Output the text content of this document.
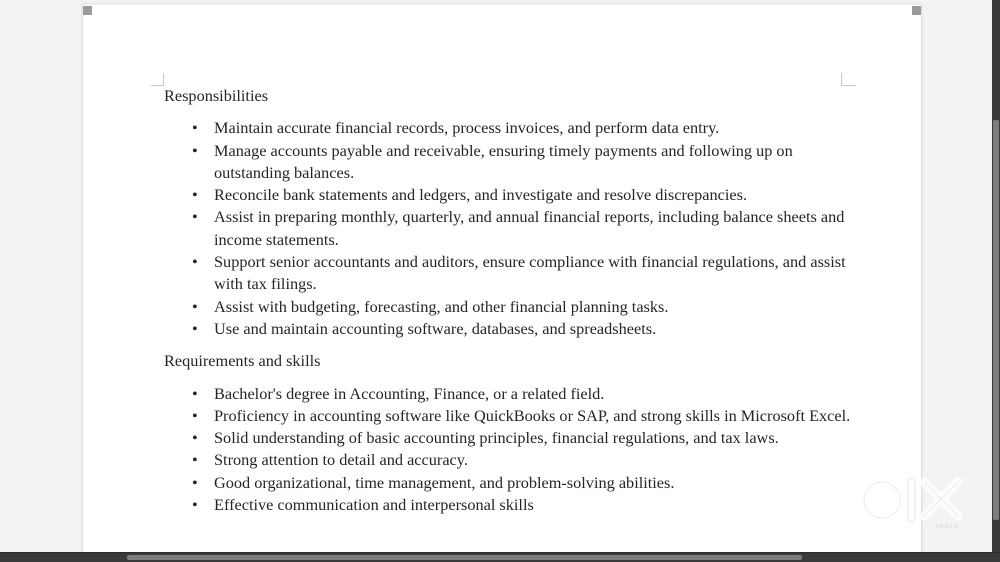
Responsibilities
• Maintain accurate financial records, process invoices, and perform data entry.
• Manage accounts payable and receivable, ensuring timely payments and following up on outstanding balances.
• Reconcile bank statements and ledgers, and investigate and resolve discrepancies.
• Assist in preparing monthly, quarterly, and annual financial reports, including balance sheets and income statements.
• Support senior accountants and auditors, ensure compliance with financial regulations, and assist with tax filings.
• Assist with budgeting, forecasting, and other financial planning tasks.
• Use and maintain accounting software, databases, and spreadsheets.
Requirements and skills
• Bachelor's degree in Accounting, Finance, or a related field.
• Proficiency in accounting software like QuickBooks or SAP, and strong skills in Microsoft Excel.
• Solid understanding of basic accounting principles, financial regulations, and tax laws.
• Strong attention to detail and accuracy.
• Good organizational, time management, and problem-solving abilities.
• Effective communication and interpersonal skills
INDIA
